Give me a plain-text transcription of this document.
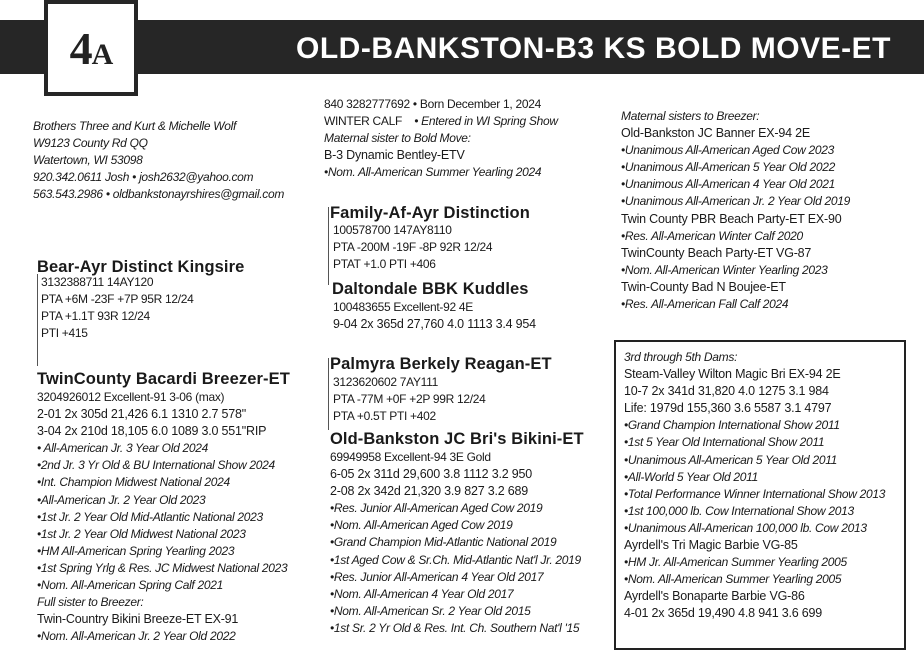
4A	OLD-BANKSTON-B3 KS BOLD MOVE-ET
Brothers Three and Kurt & Michelle Wolf
W9123 County Rd QQ
Watertown, WI 53098
920.342.0611 Josh • josh2632@yahoo.com
563.543.2986 • oldbankstonayrshires@gmail.com
Bear-Ayr Distinct Kingsire
3132388711 14AY120
PTA +6M -23F +7P 95R 12/24
PTA +1.1T 93R 12/24
PTI +415
TwinCounty Bacardi Breezer-ET
3204926012 Excellent-91 3-06 (max)
2-01 2x 305d 21,426 6.1 1310 2.7 578"
3-04 2x 210d 18,105 6.0 1089 3.0 551"RIP
• All-American Jr. 3 Year Old 2024
•2nd Jr. 3 Yr Old & BU International Show 2024
•Int. Champion Midwest National 2024
•All-American Jr. 2 Year Old 2023
•1st Jr. 2 Year Old Mid-Atlantic National 2023
•1st Jr. 2 Year Old Midwest National 2023
•HM All-American Spring Yearling 2023
•1st Spring Yrlg & Res. JC Midwest National 2023
•Nom. All-American Spring Calf 2021
Full sister to Breezer:
Twin-Country Bikini Breeze-ET EX-91
•Nom. All-American Jr. 2 Year Old 2022
840 3282777692 • Born December 1, 2024
WINTER CALF • Entered in WI Spring Show
Maternal sister to Bold Move:
B-3 Dynamic Bentley-ETV
•Nom. All-American Summer Yearling 2024
Family-Af-Ayr Distinction
100578700 147AY8110
PTA -200M -19F -8P 92R 12/24
PTAT +1.0 PTI +406
Daltondale BBK Kuddles
100483655 Excellent-92 4E
9-04 2x 365d 27,760 4.0 1113 3.4 954
Palmyra Berkely Reagan-ET
3123620602 7AY111
PTA -77M +0F +2P 99R 12/24
PTA +0.5T PTI +402
Old-Bankston JC Bri's Bikini-ET
69949958 Excellent-94 3E Gold
6-05 2x 311d 29,600 3.8 1112 3.2 950
2-08 2x 342d 21,320 3.9 827 3.2 689
•Res. Junior All-American Aged Cow 2019
•Nom. All-American Aged Cow 2019
•Grand Champion Mid-Atlantic National 2019
•1st Aged Cow & Sr.Ch. Mid-Atlantic Nat'l Jr. 2019
•Res. Junior All-American 4 Year Old 2017
•Nom. All-American 4 Year Old 2017
•Nom. All-American Sr. 2 Year Old 2015
•1st Sr. 2 Yr Old & Res. Int. Ch. Southern Nat'l '15
Maternal sisters to Breezer:
Old-Bankston JC Banner EX-94 2E
•Unanimous All-American Aged Cow 2023
•Unanimous All-American 5 Year Old 2022
•Unanimous All-American 4 Year Old 2021
•Unanimous All-American Jr. 2 Year Old 2019
Twin County PBR Beach Party-ET EX-90
•Res. All-American Winter Calf 2020
TwinCounty Beach Party-ET VG-87
•Nom. All-American Winter Yearling 2023
Twin-County Bad N Boujee-ET
•Res. All-American Fall Calf 2024
3rd through 5th Dams:
Steam-Valley Wilton Magic Bri EX-94 2E
10-7 2x 341d 31,820 4.0 1275 3.1 984
Life: 1979d 155,360 3.6 5587 3.1 4797
•Grand Champion International Show 2011
•1st 5 Year Old International Show 2011
•Unanimous All-American 5 Year Old 2011
•All-World 5 Year Old 2011
•Total Performance Winner International Show 2013
•1st 100,000 lb. Cow International Show 2013
•Unanimous All-American 100,000 lb. Cow 2013
Ayrdell's Tri Magic Barbie VG-85
•HM Jr. All-American Summer Yearling 2005
•Nom. All-American Summer Yearling 2005
Ayrdell's Bonaparte Barbie VG-86
4-01 2x 365d 19,490 4.8 941 3.6 699
